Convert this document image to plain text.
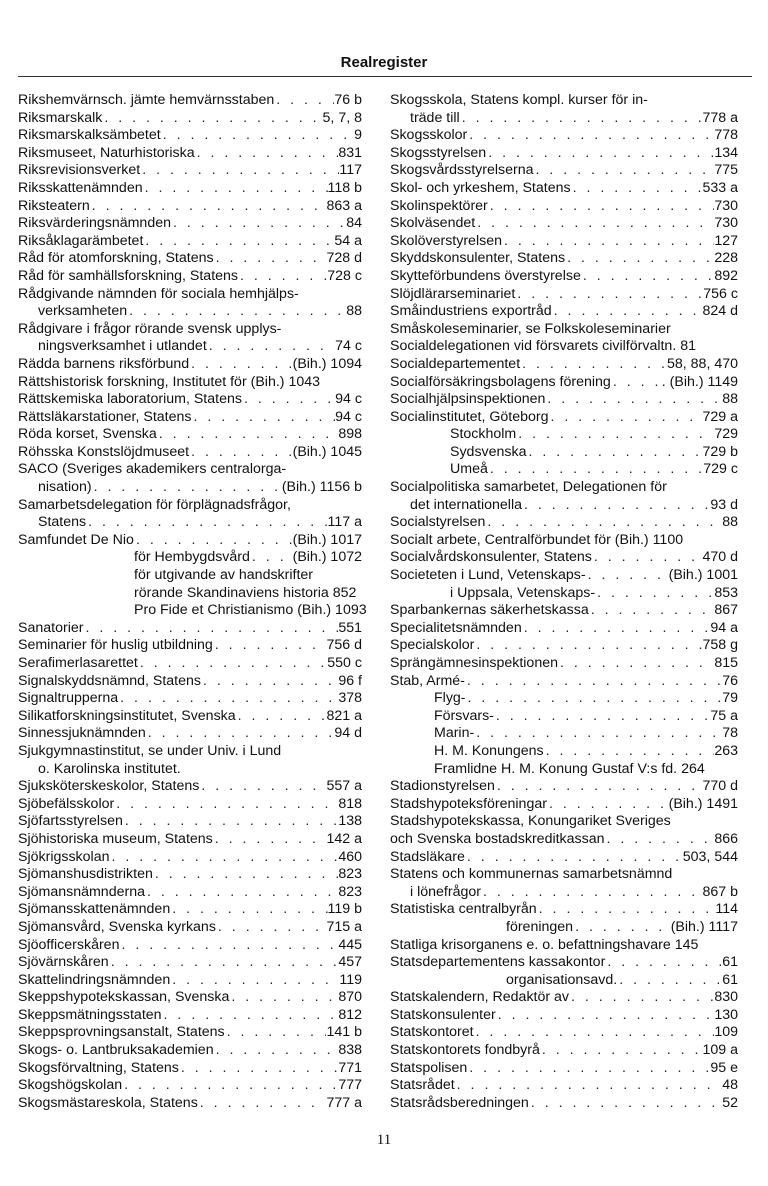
Realregister
Rikshemvärnsch. jämte hemvärnsstaben . . .	76 b
Riksmarskalk . . .	5, 7, 8
Riksmarskalksämbetet . . .	9
Riksmuseet, Naturhistoriska . . .	831
Riksrevisionsverket . . .	117
Riksskattenämnden . . .	118 b
Riksteatern . . .	863 a
Riksvärderingsnämnden . . .	84
Riksåklagarämbetet . . .	54 a
Råd för atomforskning, Statens . . .	728 d
Råd för samhällsforskning, Statens . . .	728 c
Rådgivande nämnden för sociala hemhjälps-
verksamheten . . .	88
Rådgivare i frågor rörande svensk upplys-
ningsverksamhet i utlandet . . .	74 c
Rädda barnens riksförbund . . .	(Bih.) 1094
Rättshistorisk forskning, Institutet för (Bih.) 1043
Rättskemiska laboratorium, Statens . . .	94 c
Rättsläkarstationer, Statens . . .	94 c
Röda korset, Svenska . . .	898
Röhsska Konstslöjdmuseet . . .	(Bih.) 1045
SACO (Sveriges akademikers centralorga-
nisation) . . .	(Bih.) 1156 b
Samarbetsdelegation för förplägnadsfrågor,
Statens . . .	117 a
Samfundet De Nio . . .	(Bih.) 1017
för Hembygdsvård . . .	(Bih.) 1072
för utgivande av handskrifter
rörande Skandinaviens historia 852
Pro Fide et Christianismo (Bih.) 1093
Sanatorier . . .	551
Seminarier för huslig utbildning . . .	756 d
Serafimerlasarettet . . .	550 c
Signalskyddsnämnd, Statens . . .	96 f
Signaltrupperna . . .	378
Silikatforskningsinstitutet, Svenska . . .	821 a
Sinnessjuknämnden . . .	94 d
Sjukgymnastinstitut, se under Univ. i Lund
o. Karolinska institutet.
Sjuksköterskeskolor, Statens . . .	557 a
Sjöbefälsskolor . . .	818
Sjöfartsstyrelsen . . .	138
Sjöhistoriska museum, Statens . . .	142 a
Sjökrigsskolan . . .	460
Sjömanshusdistrikten . . .	823
Sjömansnämnderna . . .	823
Sjömansskattenämnden . . .	119 b
Sjömansvård, Svenska kyrkans . . .	715 a
Sjöofficerskåren . . .	445
Sjövärnskåren . . .	457
Skattelindringsnämnden . . .	119
Skeppshypotekskassan, Svenska . . .	870
Skeppsmätningsstaten . . .	812
Skeppsprovningsanstalt, Statens . . .	141 b
Skogs- o. Lantbruksakademien . . .	838
Skogsförvaltning, Statens . . .	771
Skogshögskolan . . .	777
Skogsmästareskola, Statens . . .	777 a
Skogsskola, Statens kompl. kurser för in-
träde till . . .	778 a
Skogsskolor . . .	778
Skogsstyrelsen . . .	134
Skogsvårdsstyrelserna . . .	775
Skol- och yrkeshem, Statens . . .	533 a
Skolinspektörer . . .	730
Skolväsendet . . .	730
Skolöverstyrelsen . . .	127
Skyddskonsulenter, Statens . . .	228
Skytteförbundens överstyrelse . . .	892
Slöjdlärarseminariet . . .	756 c
Småindustriens exportråd . . .	824 d
Småskoleseminarier, se Folkskoleseminarier
Socialdelegationen vid försvarets civilförvaltn. 81
Socialdepartementet . . .	58, 88, 470
Socialförsäkringsbolagens förening . . .	. (Bih.) 1149
Socialhjälpsinspektionen . . .	88
Socialinstitutet, Göteborg . . .	729 a
Stockholm . . .	729
Sydsvenska . . .	729 b
Umeå . . .	729 c
Socialpolitiska samarbetet, Delegationen för
det internationella . . .	93 d
Socialstyrelsen . . .	88
Socialt arbete, Centralförbundet för (Bih.) 1100
Socialvårdskonsulenter, Statens . . .	470 d
Societeten i Lund, Vetenskaps- . . .	(Bih.) 1001
i Uppsala, Vetenskaps- . . .	853
Sparbankernas säkerhetskassa . . .	867
Specialitetsnämnden . . .	94 a
Specialskolor . . .	758 g
Sprängämnesinspektionen . . .	815
Stab, Armé- . . .	76
Flyg- . . .	79
Försvars- . . .	75 a
Marin- . . .	78
H. M. Konungens . . .	263
Framlidne H. M. Konung Gustaf V:s fd. 264
Stadionstyrelsen . . .	770 d
Stadshypoteksföreningar . . .	(Bih.) 1491
Stadshypotekskassa, Konungariket Sveriges
och Svenska bostadskreditkassan . . .	866
Stadsläkare . . .	503, 544
Statens och kommunernas samarbetsnämnd
i lönefrågor . . .	867 b
Statistiska centralbyrån . . .	114
föreningen . . .	(Bih.) 1117
Statliga krisorganens e. o. befattningshavare 145
Statsdepartementens kassakontor . . .	61
organisationsavd. . . .	61
Statskalendern, Redaktör av . . .	830
Statskonsulenter . . .	130
Statskontoret . . .	109
Statskontorets fondbyrå . . .	109 a
Statspolisen . . .	95 e
Statsrådet . . .	48
Statsrådsberedningen . . .	52
11
